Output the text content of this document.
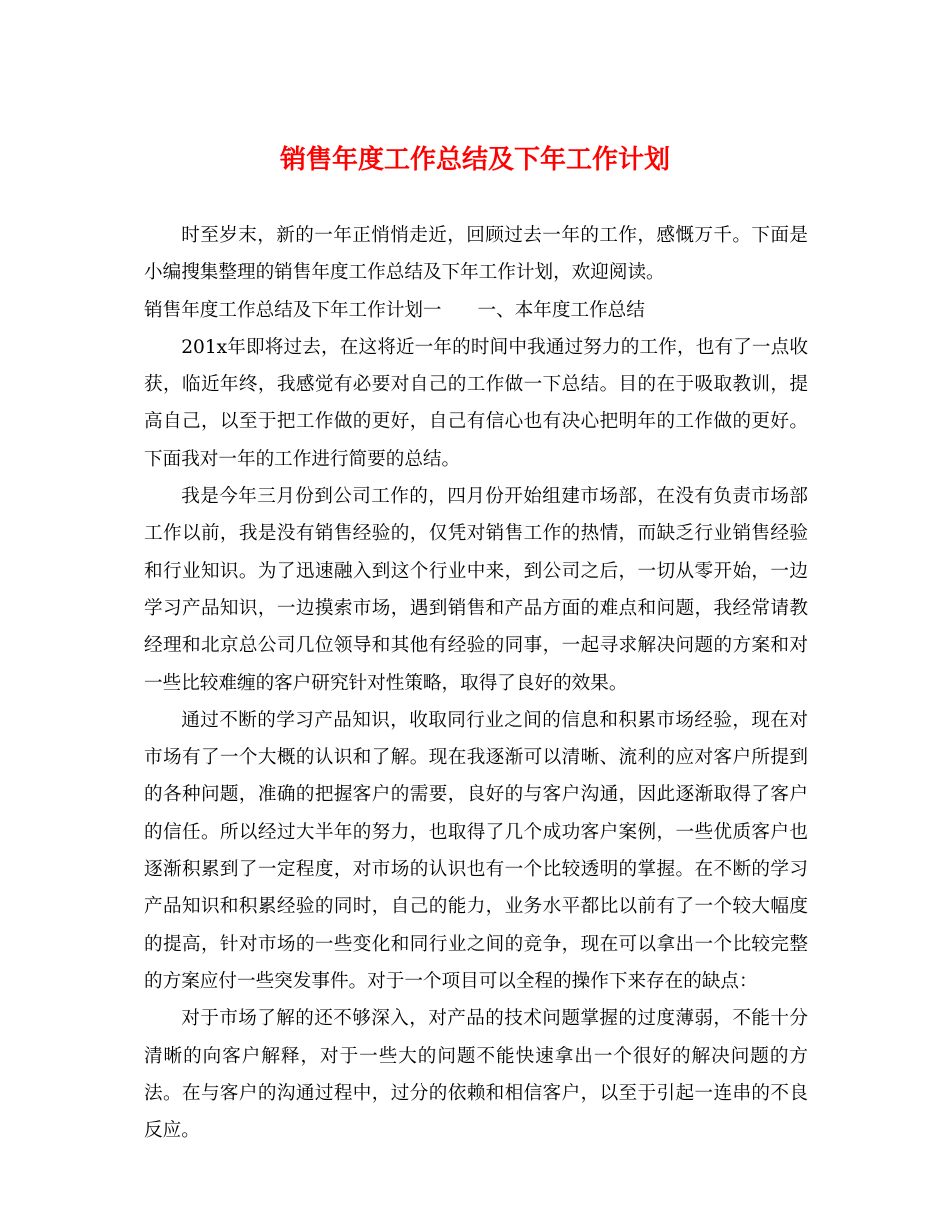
销售年度工作总结及下年工作计划

时至岁末，新的一年正悄悄走近，回顾过去一年的工作，感慨万千。下面是小编搜集整理的销售年度工作总结及下年工作计划，欢迎阅读。

销售年度工作总结及下年工作计划一 一、本年度工作总结

201x年即将过去，在这将近一年的时间中我通过努力的工作，也有了一点收获，临近年终，我感觉有必要对自己的工作做一下总结。目的在于吸取教训，提高自己，以至于把工作做的更好，自己有信心也有决心把明年的工作做的更好。下面我对一年的工作进行简要的总结。

我是今年三月份到公司工作的，四月份开始组建市场部，在没有负责市场部工作以前，我是没有销售经验的，仅凭对销售工作的热情，而缺乏行业销售经验和行业知识。为了迅速融入到这个行业中来，到公司之后，一切从零开始，一边学习产品知识，一边摸索市场，遇到销售和产品方面的难点和问题，我经常请教经理和北京总公司几位领导和其他有经验的同事，一起寻求解决问题的方案和对一些比较难缠的客户研究针对性策略，取得了良好的效果。

通过不断的学习产品知识，收取同行业之间的信息和积累市场经验，现在对市场有了一个大概的认识和了解。现在我逐渐可以清晰、流利的应对客户所提到的各种问题，准确的把握客户的需要，良好的与客户沟通，因此逐渐取得了客户的信任。所以经过大半年的努力，也取得了几个成功客户案例，一些优质客户也逐渐积累到了一定程度，对市场的认识也有一个比较透明的掌握。在不断的学习产品知识和积累经验的同时，自己的能力，业务水平都比以前有了一个较大幅度的提高，针对市场的一些变化和同行业之间的竞争，现在可以拿出一个比较完整的方案应付一些突发事件。对于一个项目可以全程的操作下来存在的缺点：

对于市场了解的还不够深入，对产品的技术问题掌握的过度薄弱，不能十分清晰的向客户解释，对于一些大的问题不能快速拿出一个很好的解决问题的方法。在与客户的沟通过程中，过分的依赖和相信客户，以至于引起一连串的不良反应。
